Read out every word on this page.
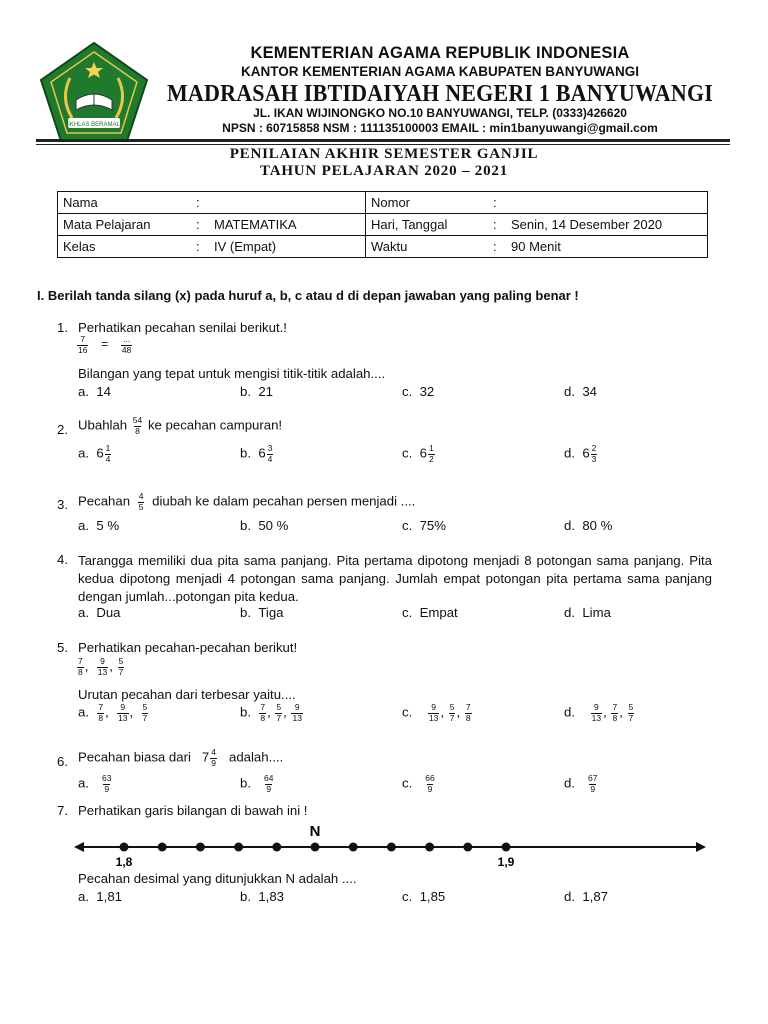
IKHLAS BERAMAL
KEMENTERIAN AGAMA REPUBLIK INDONESIA
KANTOR KEMENTERIAN AGAMA KABUPATEN BANYUWANGI
MADRASAH IBTIDAIYAH NEGERI 1 BANYUWANGI
JL. IKAN WIJINONGKO NO.10 BANYUWANGI, TELP. (0333)426620
NPSN : 60715858 NSM : 111135100003 EMAIL : min1banyuwangi@gmail.com
PENILAIAN AKHIR SEMESTER GANJIL
TAHUN PELAJARAN 2020 – 2021
Nama :	Nomor :
Mata Pelajaran : MATEMATIKA	Hari, Tanggal : Senin, 14 Desember 2020
Kelas : IV (Empat)	Waktu : 90 Menit
I. Berilah tanda silang (x) pada huruf a, b, c atau d di depan jawaban yang paling benar !
1. Perhatikan pecahan senilai berikut.!
$\frac{7}{16} = \frac{...}{48}$
Bilangan yang tepat untuk mengisi titik-titik adalah....
a. 14	b. 21	c. 32	d. 34
2. Ubahlah $\frac{54}{8}$ ke pecahan campuran!
a. $6 \frac{1}{4}$	b. $6 \frac{3}{4}$	c. $6 \frac{1}{2}$	d. $6 \frac{2}{3}$
3. Pecahan $\frac{4}{5}$ diubah ke dalam pecahan persen menjadi ....
a. 5 %	b. 50 %	c. 75%	d. 80 %
4. Tarangga memiliki dua pita sama panjang. Pita pertama dipotong menjadi 8 potongan sama panjang. Pita kedua dipotong menjadi 4 potongan sama panjang. Jumlah empat potongan pita pertama sama panjang dengan jumlah...potongan pita kedua.
a. Dua	b. Tiga	c. Empat	d. Lima
5. Perhatikan pecahan-pecahan berikut!
$\frac{7}{8}$ , $\frac{9}{13}$ , $\frac{5}{7}$
Urutan pecahan dari terbesar yaitu....
a. $\frac{7}{8}$ , $\frac{9}{13}$ , $\frac{5}{7}$	b. $\frac{7}{8}$ , $\frac{5}{7}$ , $\frac{9}{13}$	c. $\frac{9}{13}$ , $\frac{5}{7}$ , $\frac{7}{8}$	d. $\frac{9}{13}$ , $\frac{7}{8}$ , $\frac{5}{7}$
6. Pecahan biasa dari $7 \frac{4}{9}$ adalah....
a. $\frac{63}{9}$	b. $\frac{64}{9}$	c. $\frac{66}{9}$	d. $\frac{67}{9}$
7. Perhatikan garis bilangan di bawah ini !
N
1,8	1,9
Pecahan desimal yang ditunjukkan N adalah ....
a. 1,81	b. 1,83	c. 1,85	d. 1,87
